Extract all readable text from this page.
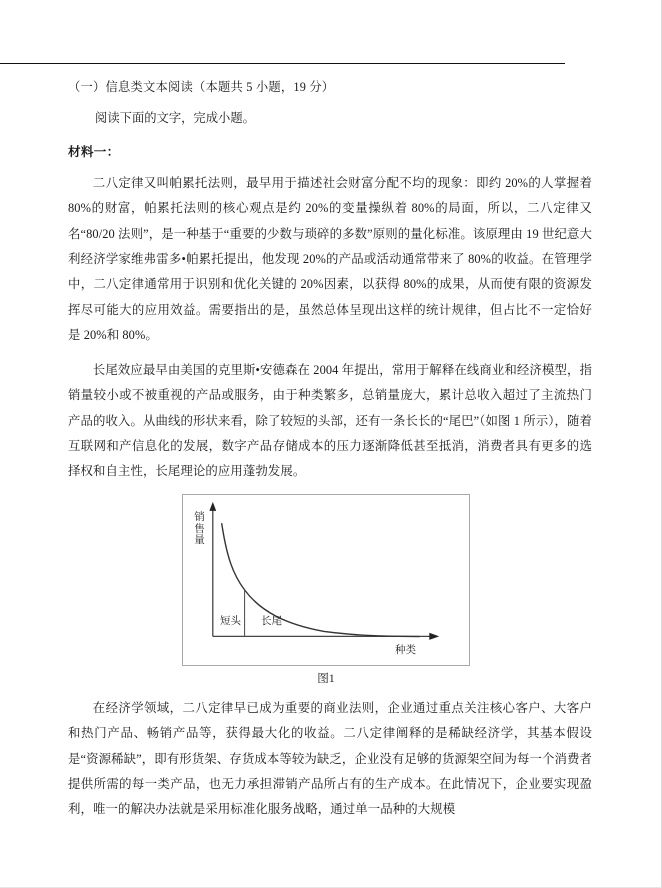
（一）信息类文本阅读（本题共 5 小题，19 分）
阅读下面的文字，完成小题。
材料一：

二八定律又叫帕累托法则，最早用于描述社会财富分配不均的现象：即约 20%的人掌握着 80%的财富，帕累托法则的核心观点是约 20%的变量操纵着 80%的局面，所以，二八定律又名“80/20 法则”，是一种基于“重要的少数与琐碎的多数”原则的量化标准。该原理由 19 世纪意大利经济学家维弗雷多•帕累托提出，他发现 20%的产品或活动通常带来了 80%的收益。在管理学中，二八定律通常用于识别和优化关键的 20%因素，以获得 80%的成果，从而使有限的资源发挥尽可能大的应用效益。需要指出的是，虽然总体呈现出这样的统计规律，但占比不一定恰好是 20%和 80%。

长尾效应最早由美国的克里斯•安德森在 2004 年提出，常用于解释在线商业和经济模型，指销量较小或不被重视的产品或服务，由于种类繁多，总销量庞大，累计总收入超过了主流热门产品的收入。从曲线的形状来看，除了较短的头部，还有一条长长的“尾巴”（如图 1 所示），随着互联网和产信息化的发展，数字产品存储成本的压力逐渐降低甚至抵消，消费者具有更多的选择权和自主性，长尾理论的应用蓬勃发展。

销
售
量
种类
短头 长尾
图1

在经济学领域，二八定律早已成为重要的商业法则，企业通过重点关注核心客户、大客户和热门产品、畅销产品等，获得最大化的收益。二八定律阐释的是稀缺经济学，其基本假设是“资源稀缺”，即有形货架、存货成本等较为缺乏，企业没有足够的货源架空间为每一个消费者提供所需的每一类产品，也无力承担滞销产品所占有的生产成本。在此情况下，企业要实现盈利，唯一的解决办法就是采用标准化服务战略，通过单一品种的大规模
